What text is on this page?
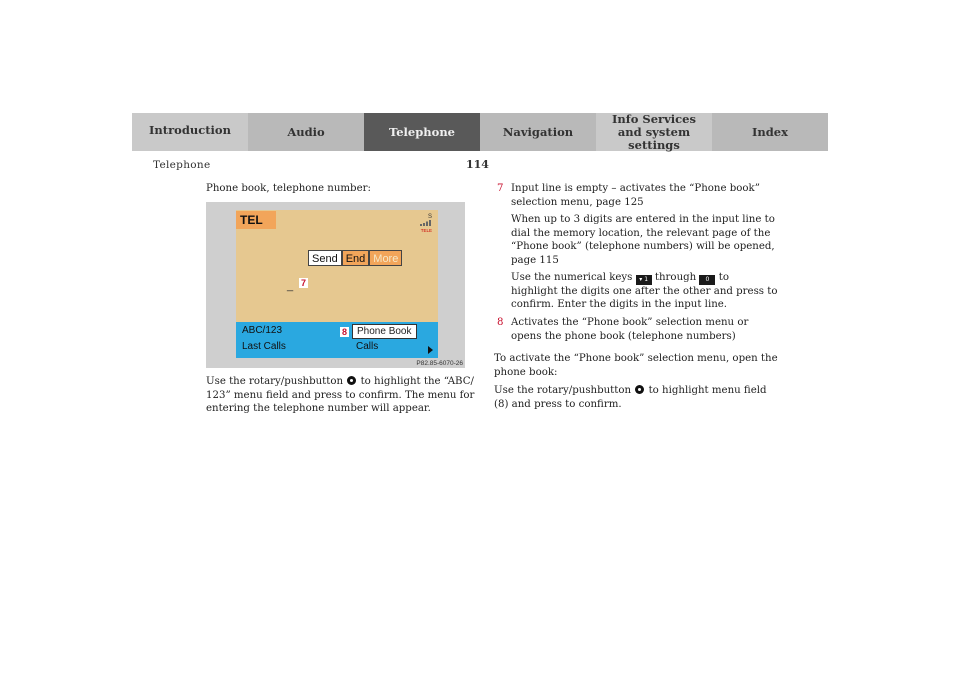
Introduction	Audio	Telephone	Navigation
Info Services and system settings
Index
Telephone	114

Phone book, telephone number:

TEL	S
TELE
Send End More
_ 7
ABC/123	8	Phone Book
Last Calls	Calls
P82.85-6070-26

Use the rotary/pushbutton to highlight the “ABC/

123” menu field and press to confirm. The menu for

entering the telephone number will appear.

7 Input line is empty – activates the “Phone book”

selection menu, page 125

When up to 3 digits are entered in the input line to

dial the memory location, the relevant page of the

“Phone book” (telephone numbers) will be opened,

page 115

Use the numerical keys ▾ 1 through 0 to

highlight the digits one after the other and press to

confirm. Enter the digits in the input line.

8 Activates the “Phone book” selection menu or

opens the phone book (telephone numbers)

To activate the “Phone book” selection menu, open the

phone book:

Use the rotary/pushbutton to highlight menu field

(8) and press to confirm.
